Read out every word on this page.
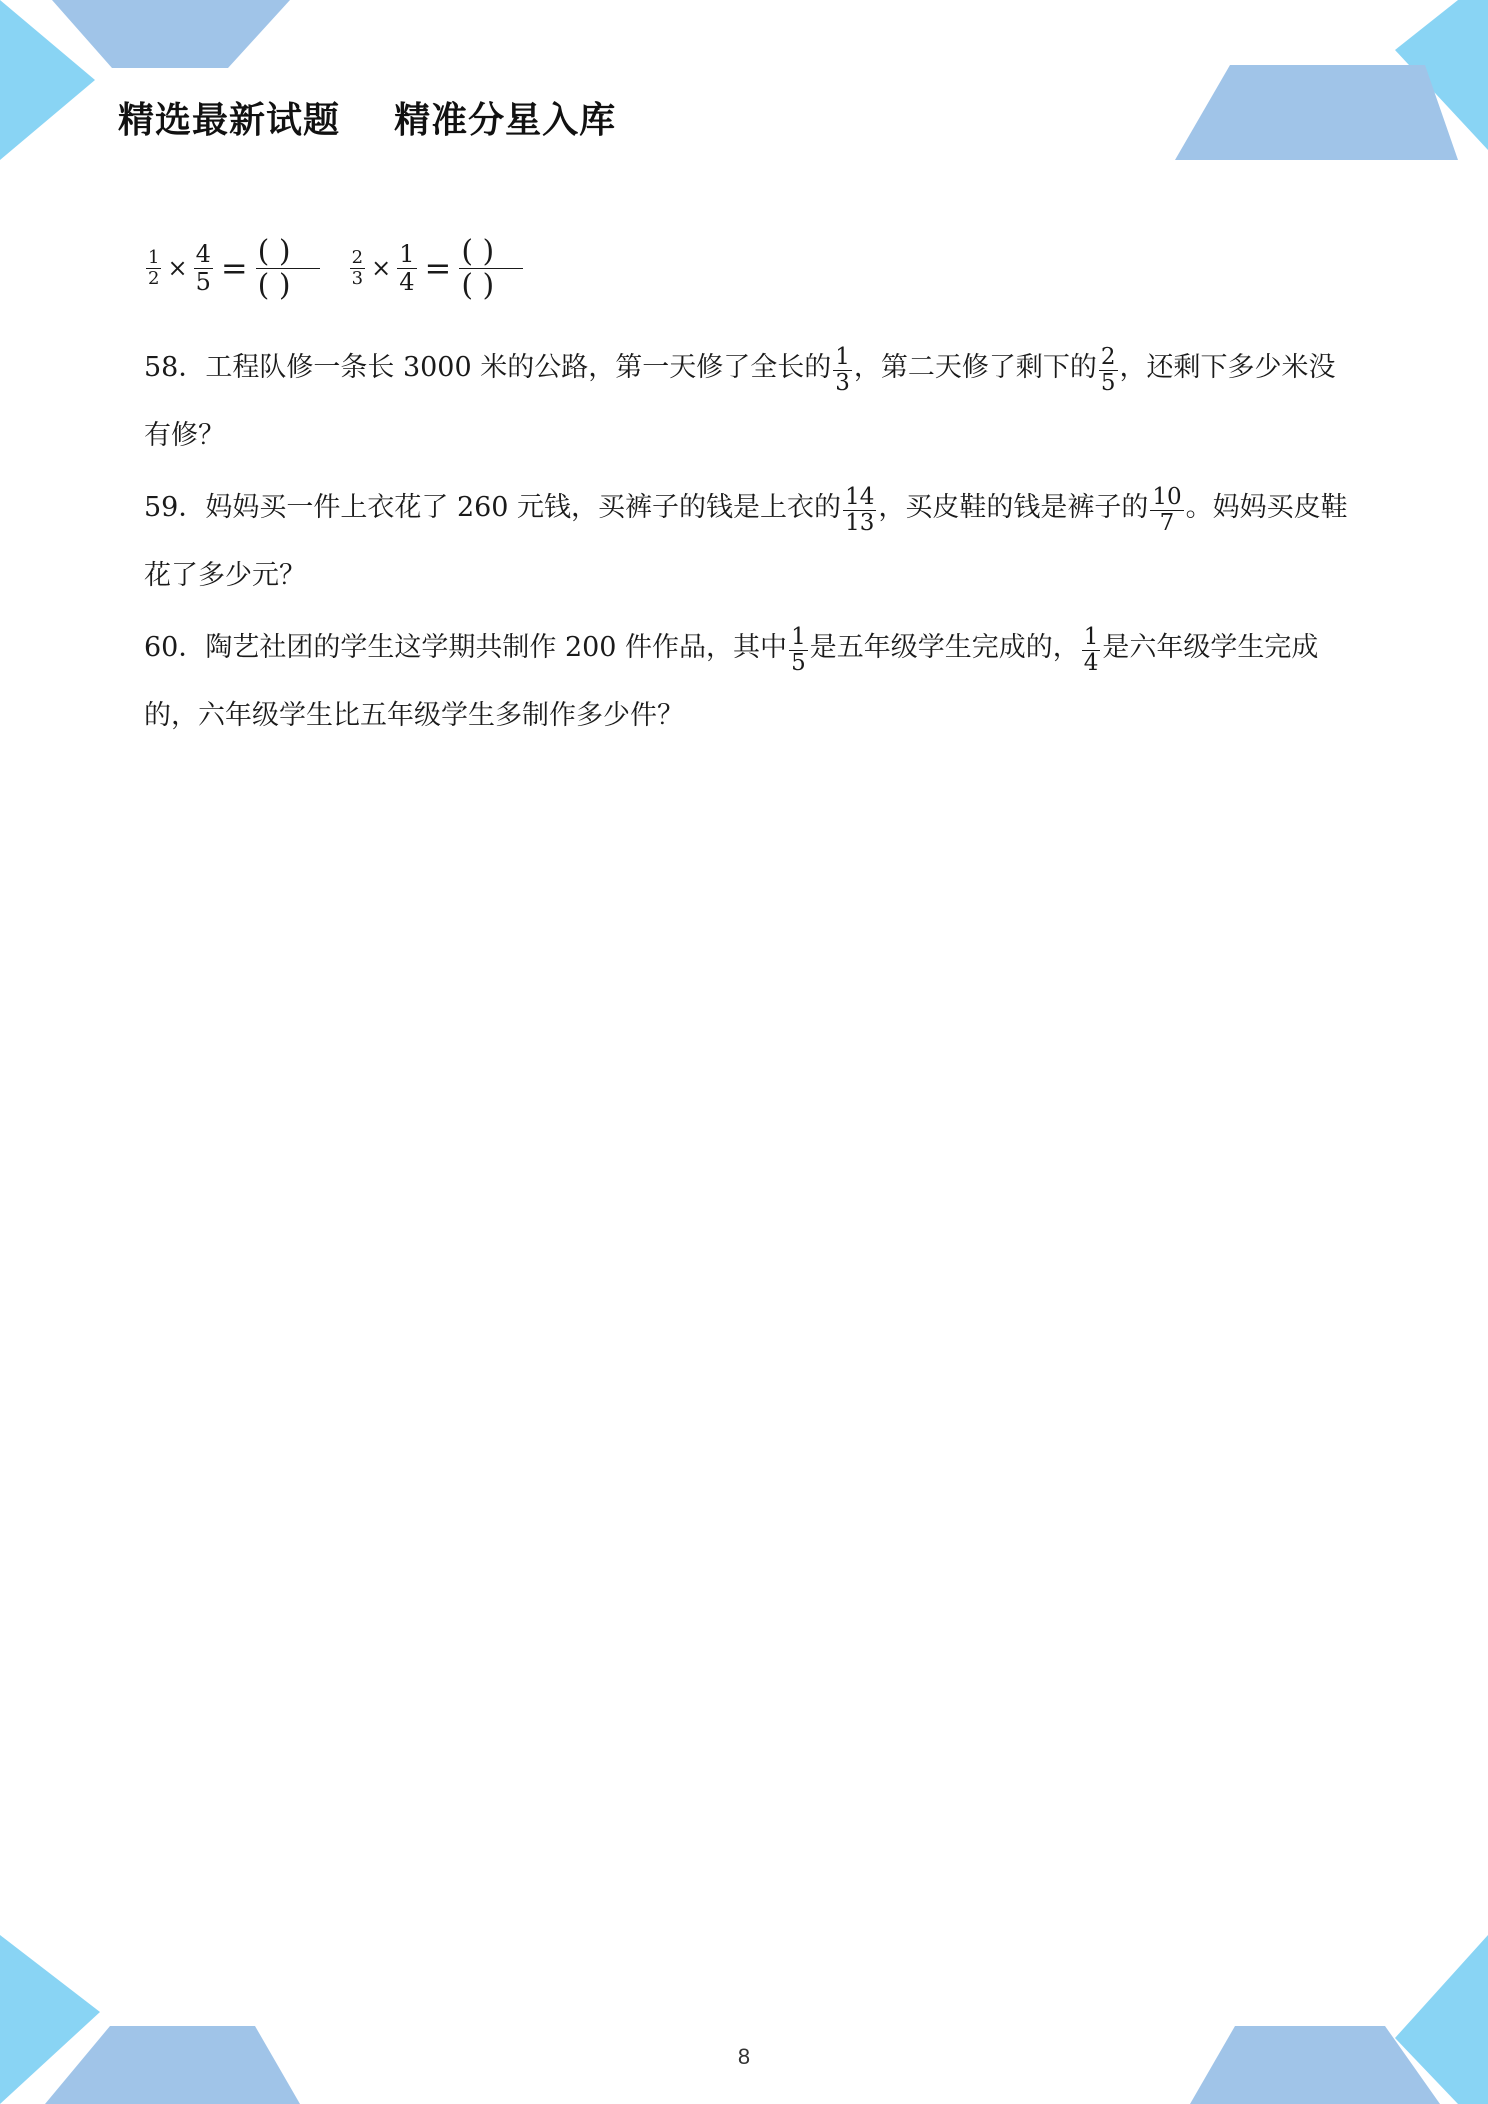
精选最新试题    精准分星入库
$\frac{1}{2} \times \frac{4}{5} = \frac{( )}{( )} \frac{2}{3} \times \frac{1}{4} = \frac{( )}{( )}$
58．工程队修一条长 3000 米的公路，第一天修了全长的 $\frac{1}{3}$ ，第二天修了剩下的 $\frac{2}{5}$ ，还剩下多少米没有修？
59．妈妈买一件上衣花了 260 元钱，买裤子的钱是上衣的 $\frac{14}{13}$ ，买皮鞋的钱是裤子的 $\frac{10}{7}$ 。妈妈买皮鞋花了多少元？
60．陶艺社团的学生这学期共制作 200 件作品，其中 $\frac{1}{5}$ 是五年级学生完成的， $\frac{1}{4}$ 是六年级学生完成的，六年级学生比五年级学生多制作多少件？
8
